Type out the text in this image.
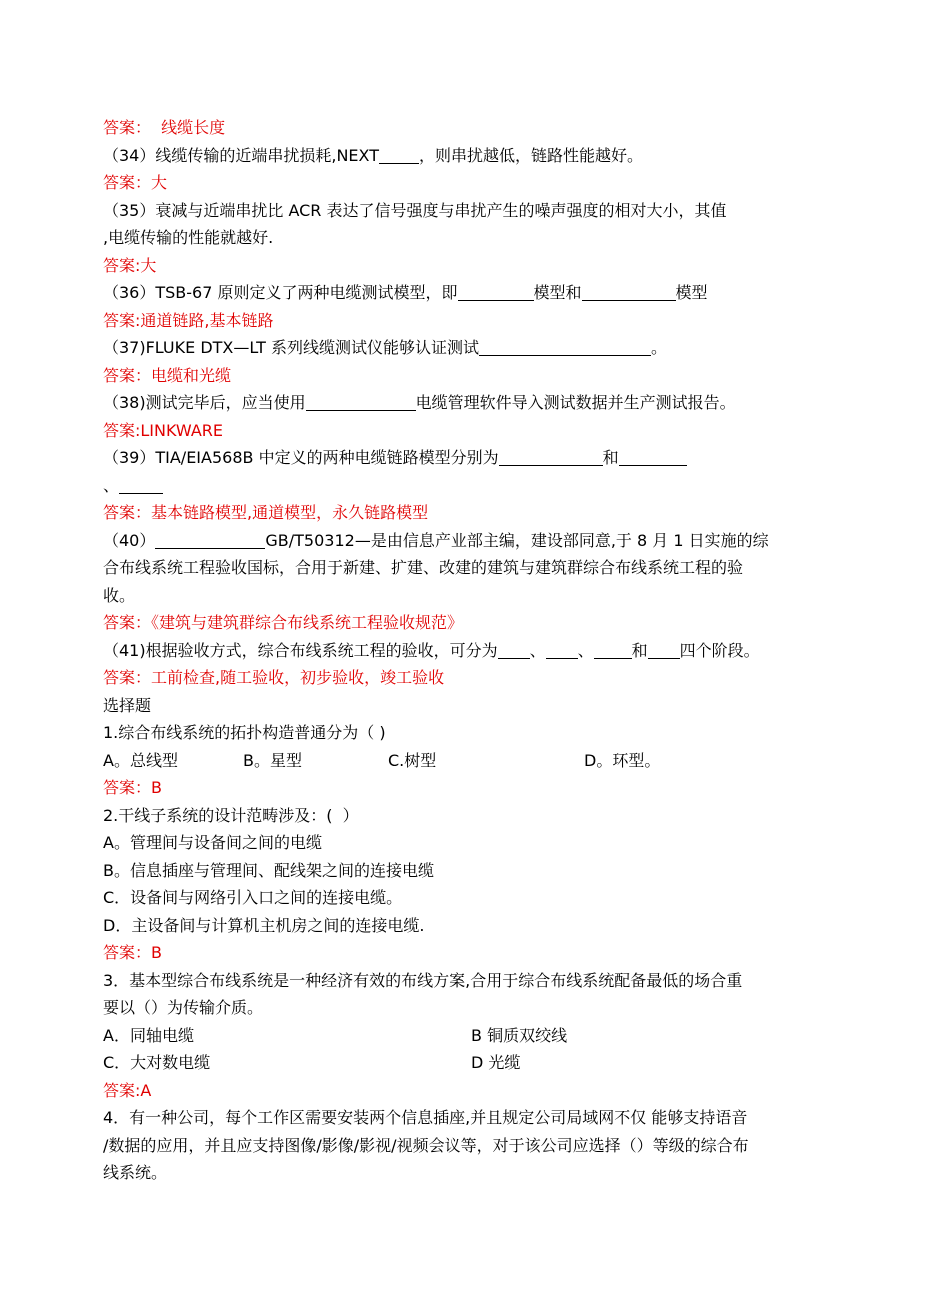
答案：  线缆长度

（34）线缆传输的近端串扰损耗,NEXT	，则串扰越低，链路性能越好。

答案：大

（35）衰减与近端串扰比 ACR 表达了信号强度与串扰产生的噪声强度的相对大小，其值

,电缆传输的性能就越好.

答案:大

（36）TSB-67 原则定义了两种电缆测试模型，即	模型和	模型

答案:通道链路,基本链路

（37)FLUKE DTX—LT 系列线缆测试仪能够认证测试	。

答案：电缆和光缆

（38)测试完毕后，应当使用	电缆管理软件导入测试数据并生产测试报告。

答案:LINKWARE

（39）TIA/EIA568B 中定义的两种电缆链路模型分别为	和

、

答案：基本链路模型,通道模型，永久链路模型

（40）	GB/T50312—是由信息产业部主编，建设部同意,于 8 月 1 日实施的综

合布线系统工程验收国标，合用于新建、扩建、改建的建筑与建筑群综合布线系统工程的验

收。

答案：《建筑与建筑群综合布线系统工程验收规范》

（41)根据验收方式，综合布线系统工程的验收，可分为 、 、 和 四个阶段。

答案：工前检查,随工验收，初步验收，竣工验收

选择题

1.综合布线系统的拓扑构造普通分为（ )

A。总线型	B。星型	C.树型	D。环型。

答案：B

2.干线子系统的设计范畴涉及：(  ）

A。管理间与设备间之间的电缆

B。信息插座与管理间、配线架之间的连接电缆

C．设备间与网络引入口之间的连接电缆。

D．主设备间与计算机主机房之间的连接电缆.

答案：B

3．基本型综合布线系统是一种经济有效的布线方案,合用于综合布线系统配备最低的场合重

要以（）为传输介质。

A．同轴电缆	B 铜质双绞线
C．大对数电缆	D 光缆

答案:A

4．有一种公司，每个工作区需要安装两个信息插座,并且规定公司局域网不仅 能够支持语音

/数据的应用，并且应支持图像/影像/影视/视频会议等，对于该公司应选择（）等级的综合布

线系统。
